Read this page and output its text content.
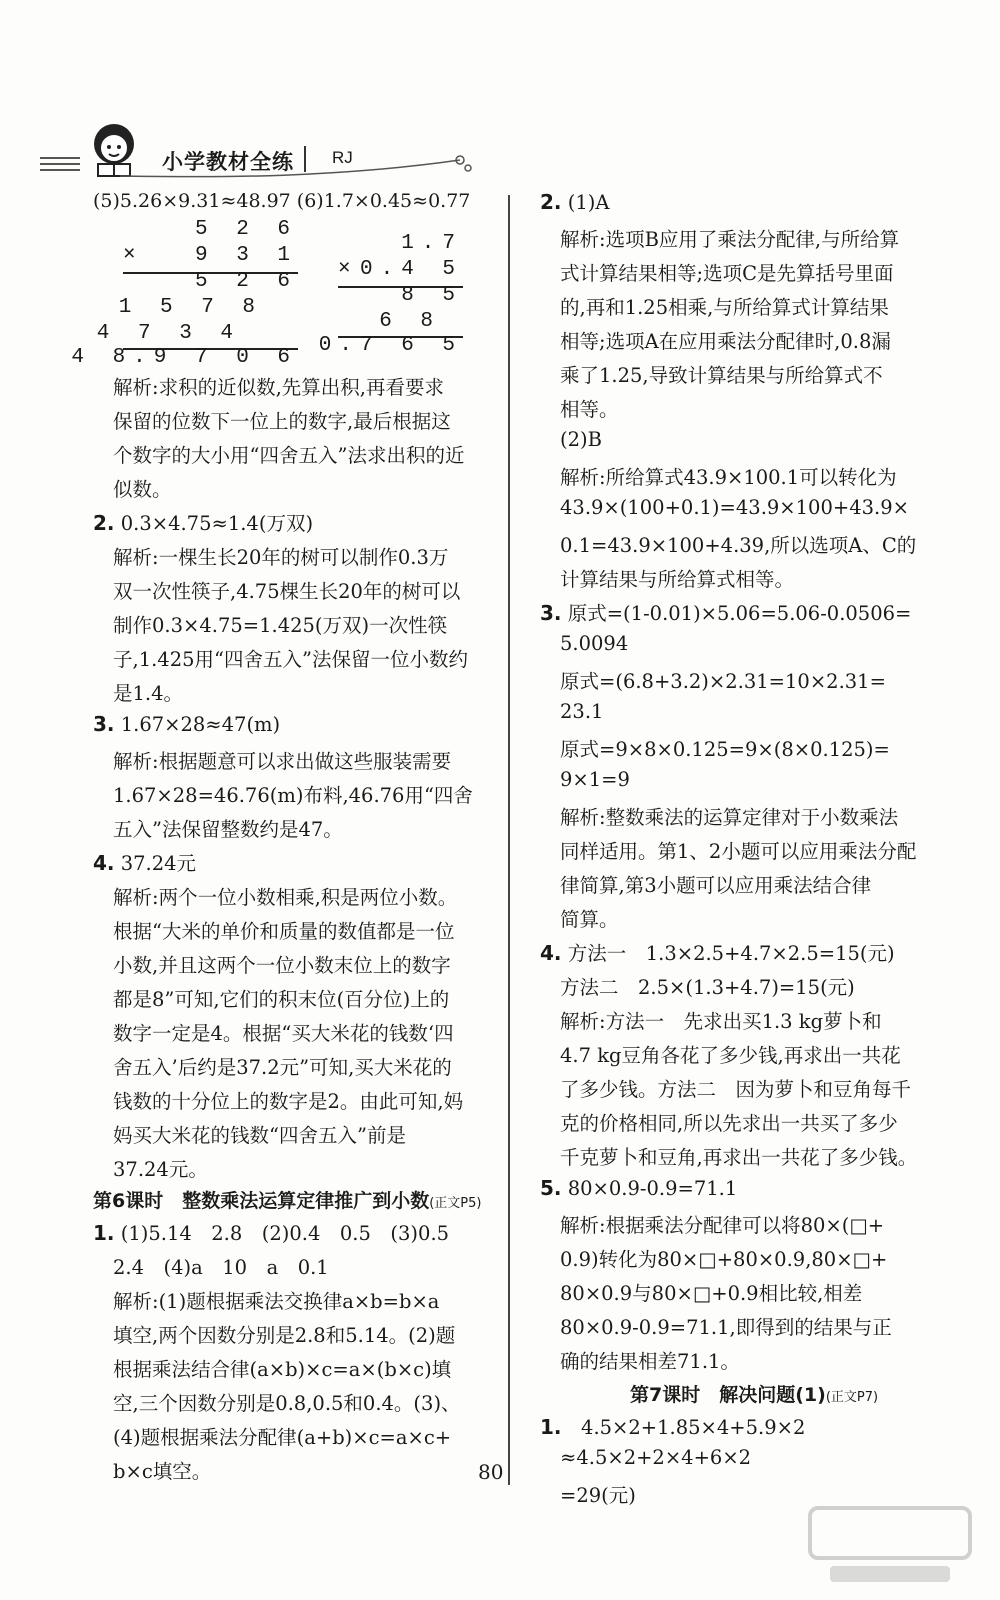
小学教材全练 RJ
(5)5.26×9.31≈48.97 (6)1.7×0.45≈0.77
5 2 6
× 9 3 1
5 2 6
1 5 7 8
4 7 3 4
4 8.9 7 0 6
1.7
× 0.4 5
8 5
6 8
0.7 6 5
解析:求积的近似数,先算出积,再看要求
保留的位数下一位上的数字,最后根据这
个数字的大小用“四舍五入”法求出积的近
似数。
2. 0.3×4.75≈1.4(万双)
解析:一棵生长20年的树可以制作0.3万
双一次性筷子,4.75棵生长20年的树可以
制作0.3×4.75=1.425(万双)一次性筷
子,1.425用“四舍五入”法保留一位小数约
是1.4。
3. 1.67×28≈47(m)
解析:根据题意可以求出做这些服装需要
1.67×28=46.76(m)布料,46.76用“四舍
五入”法保留整数约是47。
4. 37.24元
解析:两个一位小数相乘,积是两位小数。
根据“大米的单价和质量的数值都是一位
小数,并且这两个一位小数末位上的数字
都是8”可知,它们的积末位(百分位)上的
数字一定是4。根据“买大米花的钱数‘四
舍五入’后约是37.2元”可知,买大米花的
钱数的十分位上的数字是2。由此可知,妈
妈买大米花的钱数“四舍五入”前是
37.24元。
第6课时　整数乘法运算定律推广到小数(正文P5)
1. (1)5.14　2.8　(2)0.4　0.5　(3)0.5
2.4　(4)a　10　a　0.1
解析:(1)题根据乘法交换律a×b=b×a
填空,两个因数分别是2.8和5.14。(2)题
根据乘法结合律(a×b)×c=a×(b×c)填
空,三个因数分别是0.8,0.5和0.4。(3)、
(4)题根据乘法分配律(a+b)×c=a×c+
b×c填空。
2. (1)A
解析:选项B应用了乘法分配律,与所给算
式计算结果相等;选项C是先算括号里面
的,再和1.25相乘,与所给算式计算结果
相等;选项A在应用乘法分配律时,0.8漏
乘了1.25,导致计算结果与所给算式不
相等。
(2)B
解析:所给算式43.9×100.1可以转化为
43.9×(100+0.1)=43.9×100+43.9×
0.1=43.9×100+4.39,所以选项A、C的
计算结果与所给算式相等。
3. 原式=(1-0.01)×5.06=5.06-0.0506=
5.0094
原式=(6.8+3.2)×2.31=10×2.31=
23.1
原式=9×8×0.125=9×(8×0.125)=
9×1=9
解析:整数乘法的运算定律对于小数乘法
同样适用。第1、2小题可以应用乘法分配
律简算,第3小题可以应用乘法结合律
简算。
4. 方法一　1.3×2.5+4.7×2.5=15(元)
方法二　2.5×(1.3+4.7)=15(元)
解析:方法一　先求出买1.3 kg萝卜和
4.7 kg豆角各花了多少钱,再求出一共花
了多少钱。方法二　因为萝卜和豆角每千
克的价格相同,所以先求出一共买了多少
千克萝卜和豆角,再求出一共花了多少钱。
5. 80×0.9-0.9=71.1
解析:根据乘法分配律可以将80×(□+
0.9)转化为80×□+80×0.9,80×□+
80×0.9与80×□+0.9相比较,相差
80×0.9-0.9=71.1,即得到的结果与正
确的结果相差71.1。
第7课时　解决问题(1)(正文P7)
1.　 4.5×2+1.85×4+5.9×2
≈4.5×2+2×4+6×2
=29(元)
80
